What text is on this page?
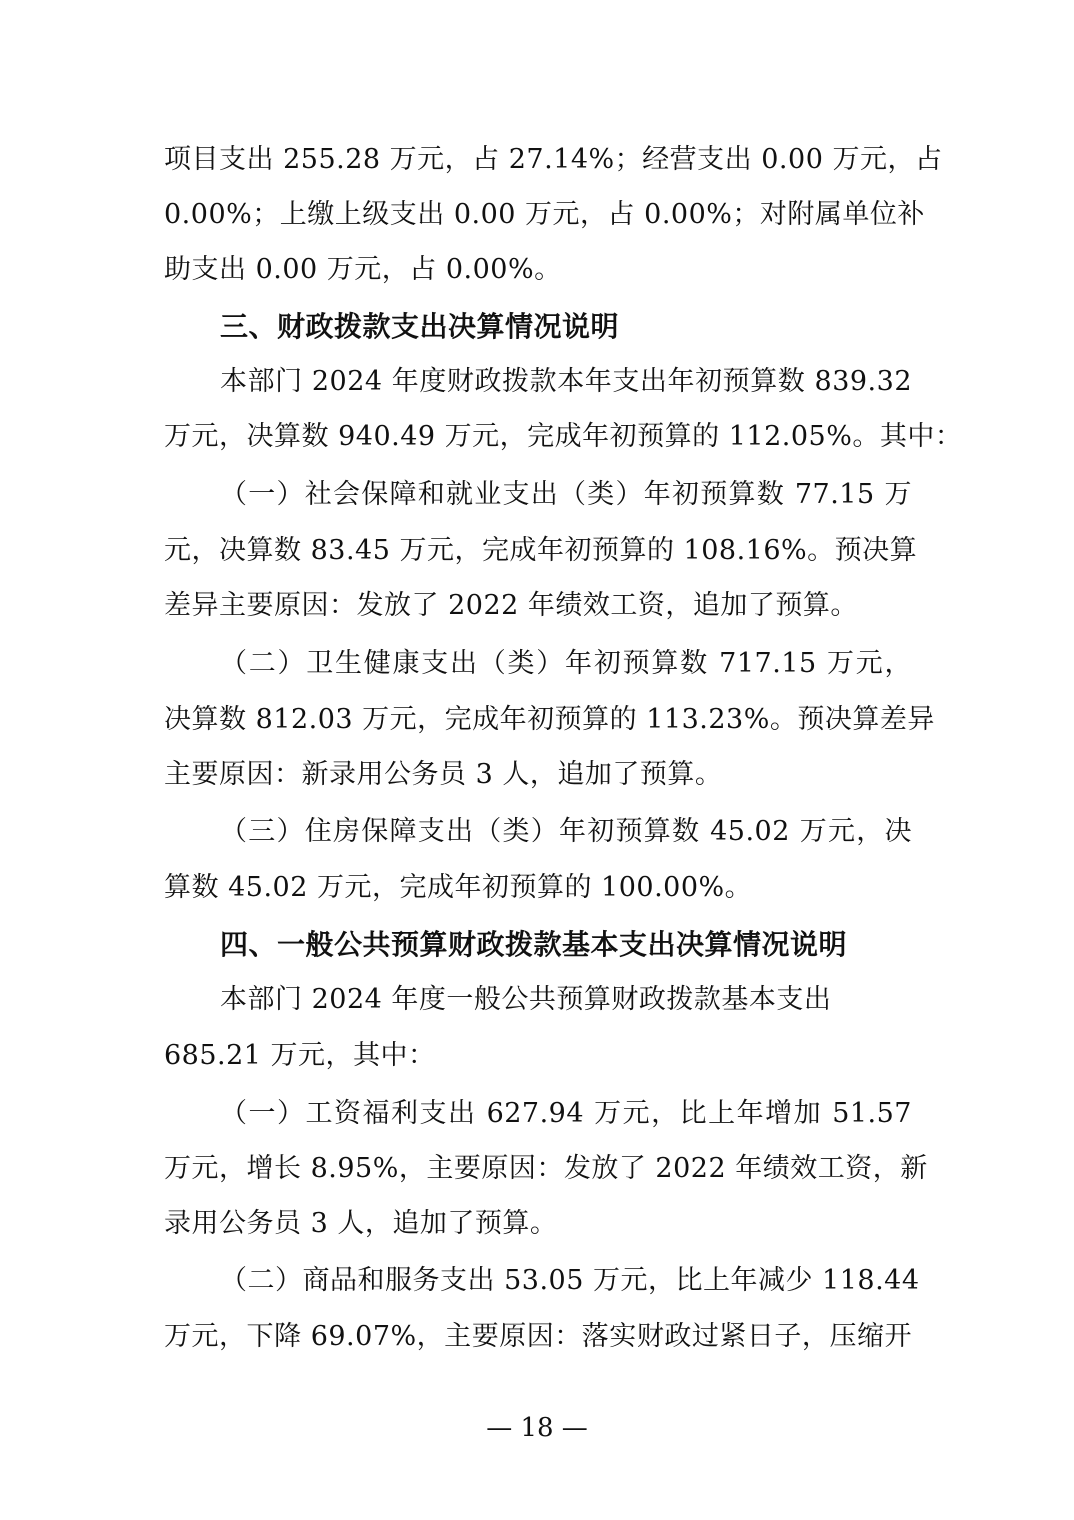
项目支出 255.28 万元，占 27.14%；经营支出 0.00 万元，占
0.00%；上缴上级支出 0.00 万元，占 0.00%；对附属单位补
助支出 0.00 万元，占 0.00%。
三、财政拨款支出决算情况说明
本部门 2024 年度财政拨款本年支出年初预算数 839.32
万元，决算数 940.49 万元，完成年初预算的 112.05%。其中：
（一）社会保障和就业支出（类）年初预算数 77.15 万
元，决算数 83.45 万元，完成年初预算的 108.16%。预决算
差异主要原因：发放了 2022 年绩效工资，追加了预算。
（二）卫生健康支出（类）年初预算数 717.15 万元，
决算数 812.03 万元，完成年初预算的 113.23%。预决算差异
主要原因：新录用公务员 3 人，追加了预算。
（三）住房保障支出（类）年初预算数 45.02 万元，决
算数 45.02 万元，完成年初预算的 100.00%。
四、一般公共预算财政拨款基本支出决算情况说明
本部门 2024 年度一般公共预算财政拨款基本支出
685.21 万元，其中：
（一）工资福利支出 627.94 万元，比上年增加 51.57
万元，增长 8.95%，主要原因：发放了 2022 年绩效工资，新
录用公务员 3 人，追加了预算。
（二）商品和服务支出 53.05 万元，比上年减少 118.44
万元，下降 69.07%，主要原因：落实财政过紧日子，压缩开
— 18 —
